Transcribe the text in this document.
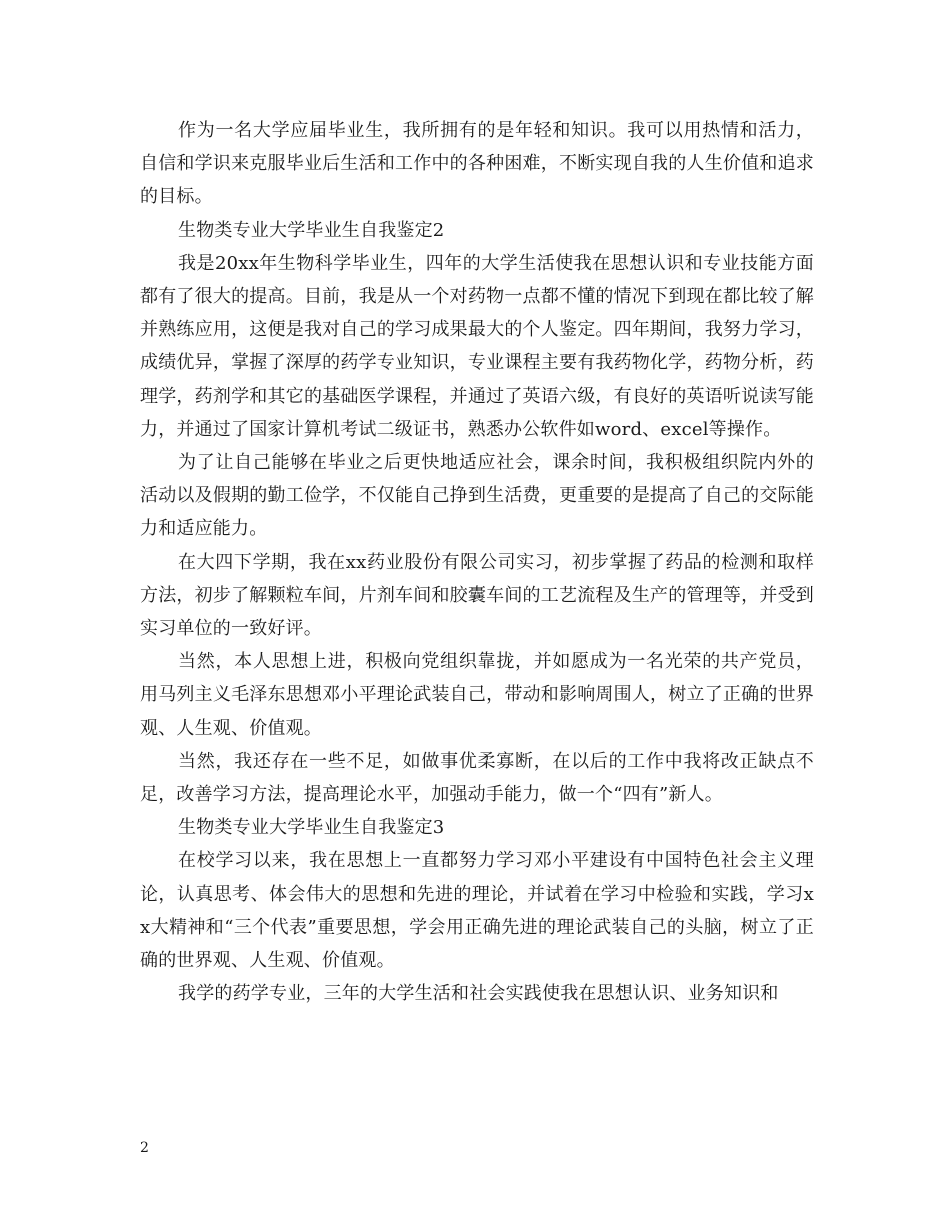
作为一名大学应届毕业生，我所拥有的是年轻和知识。我可以用热情和活力，自信和学识来克服毕业后生活和工作中的各种困难，不断实现自我的人生价值和追求的目标。

生物类专业大学毕业生自我鉴定2

我是20xx年生物科学毕业生，四年的大学生活使我在思想认识和专业技能方面都有了很大的提高。目前，我是从一个对药物一点都不懂的情况下到现在都比较了解并熟练应用，这便是我对自己的学习成果最大的个人鉴定。四年期间，我努力学习，成绩优异，掌握了深厚的药学专业知识，专业课程主要有我药物化学，药物分析，药理学，药剂学和其它的基础医学课程，并通过了英语六级，有良好的英语听说读写能力，并通过了国家计算机考试二级证书，熟悉办公软件如word、excel等操作。

为了让自己能够在毕业之后更快地适应社会，课余时间，我积极组织院内外的活动以及假期的勤工俭学，不仅能自己挣到生活费，更重要的是提高了自己的交际能力和适应能力。

在大四下学期，我在xx药业股份有限公司实习，初步掌握了药品的检测和取样方法，初步了解颗粒车间，片剂车间和胶囊车间的工艺流程及生产的管理等，并受到实习单位的一致好评。

当然，本人思想上进，积极向党组织靠拢，并如愿成为一名光荣的共产党员，用马列主义毛泽东思想邓小平理论武装自己，带动和影响周围人，树立了正确的世界观、人生观、价值观。

当然，我还存在一些不足，如做事优柔寡断，在以后的工作中我将改正缺点不足，改善学习方法，提高理论水平，加强动手能力，做一个“四有”新人。

生物类专业大学毕业生自我鉴定3

在校学习以来，我在思想上一直都努力学习邓小平建设有中国特色社会主义理论，认真思考、体会伟大的思想和先进的理论，并试着在学习中检验和实践，学习xx大精神和“三个代表”重要思想，学会用正确先进的理论武装自己的头脑，树立了正确的世界观、人生观、价值观。

我学的药学专业，三年的大学生活和社会实践使我在思想认识、业务知识和

2
